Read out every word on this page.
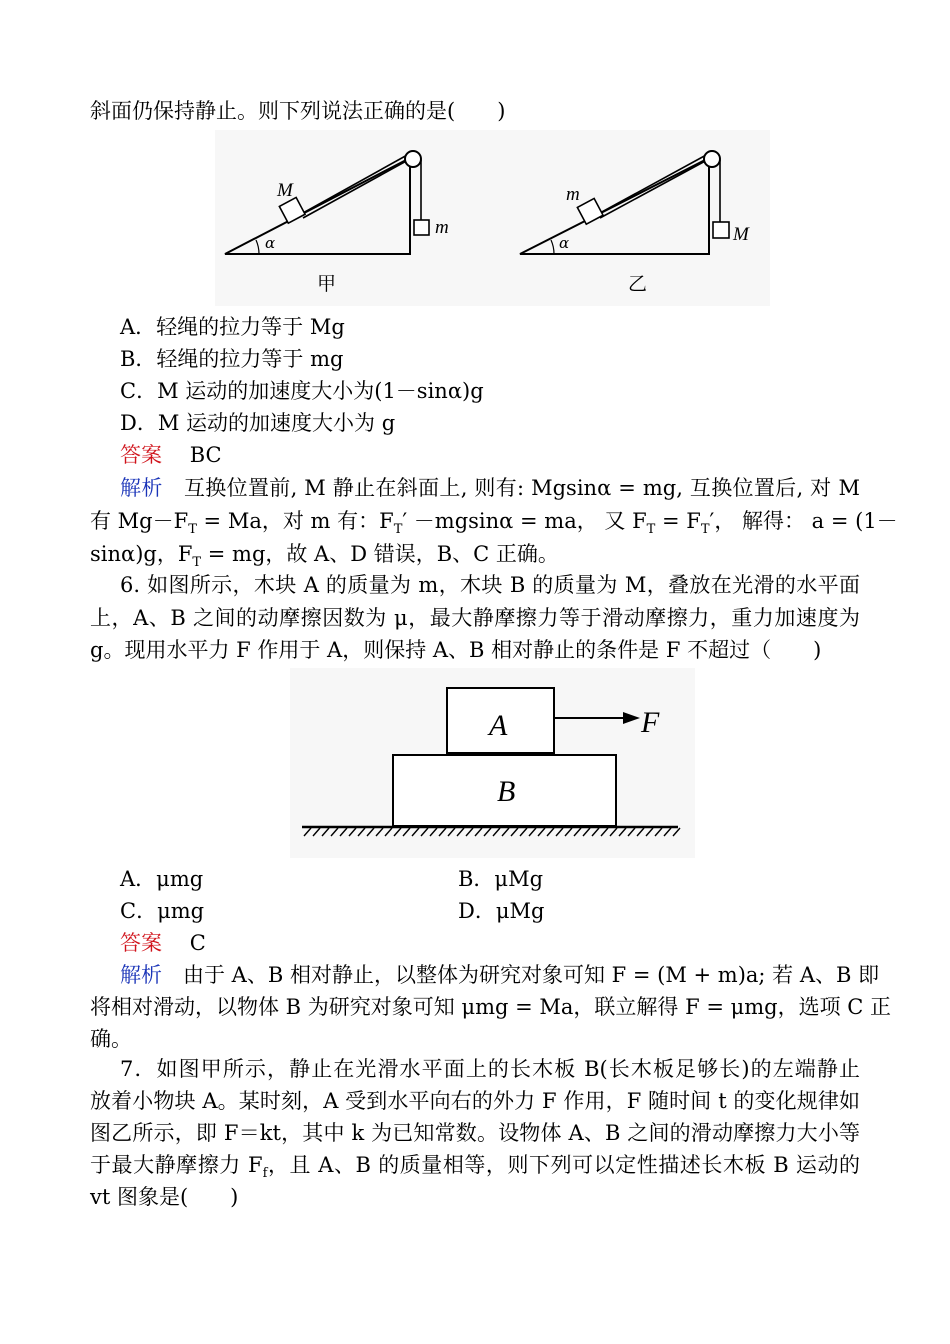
斜面仍保持静止。则下列说法正确的是(　　)
M
m
α
甲
m
M
α
乙
A．轻绳的拉力等于 Mg
B．轻绳的拉力等于 mg
C．M 运动的加速度大小为(1－sinα)g
D．M 运动的加速度大小为 g
答案　 BC
解析　 互换位置前, M 静止在斜面上, 则有: Mgsinα = mg, 互换位置后, 对 M
有 $Mg-F_T = Ma$，对 m 有：$F_T' -mgsin\alpha$ = ma， 又 $F_T = F_T'$， 解得： a = (1－
sinα)g，$F_T$ = mg，故 A、D 错误，B、C 正确。
6. 如图所示，木块 A 的质量为 m，木块 B 的质量为 M，叠放在光滑的水平面
上，A、B 之间的动摩擦因数为 μ，最大静摩擦力等于滑动摩擦力，重力加速度为
g。现用水平力 F 作用于 A，则保持 A、B 相对静止的条件是 F 不超过（　　)
A
B
F
A．μmg	B．μMg
C．μmg	D．μMg
答案　 C
解析　 由于 A、B 相对静止，以整体为研究对象可知 F = (M + m)a; 若 A、B 即
将相对滑动，以物体 B 为研究对象可知 μmg = Ma，联立解得 F = μmg，选项 C 正
确。
7．如图甲所示，静止在光滑水平面上的长木板 B(长木板足够长)的左端静止
放着小物块 A。某时刻，A 受到水平向右的外力 F 作用，F 随时间 t 的变化规律如
图乙所示，即 F＝kt，其中 k 为已知常数。设物体 A、B 之间的滑动摩擦力大小等
于最大静摩擦力 $F_f$，且 A、B 的质量相等，则下列可以定性描述长木板 B 运动的
vt 图象是(　　)
